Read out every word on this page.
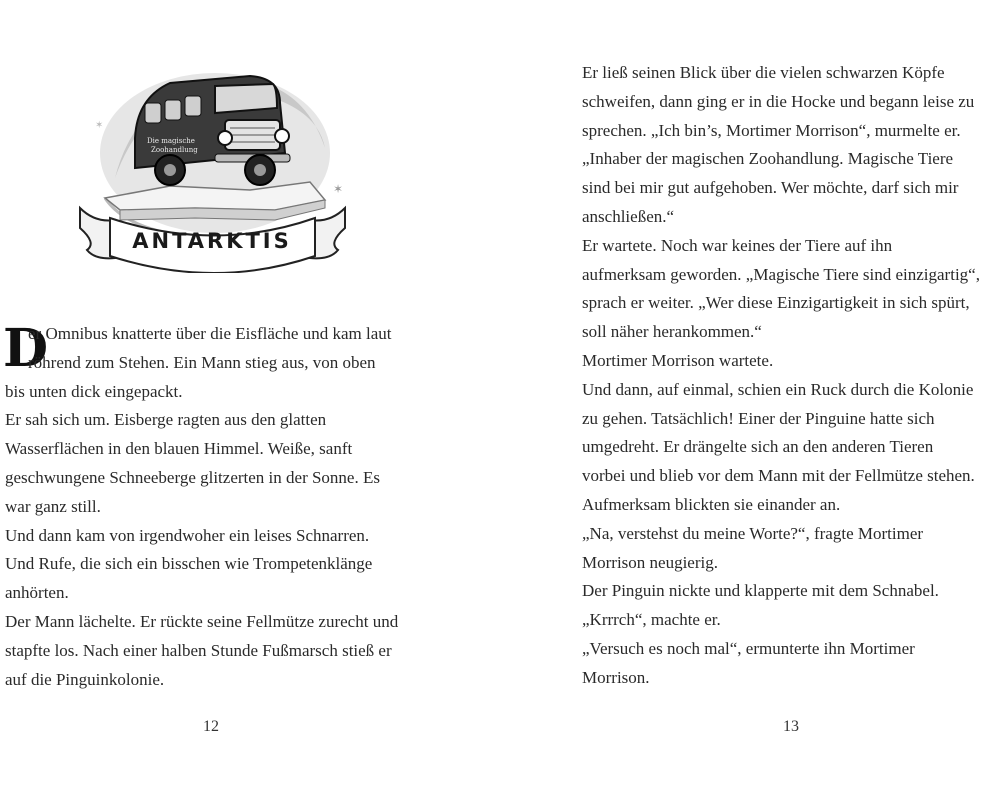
Die magische
Zoohandlung
✶
✶
ANTARKTIS
D
er Omnibus knatterte über die Eisfläche und kam laut
röhrend zum Stehen. Ein Mann stieg aus, von oben
bis unten dick eingepackt.
Er sah sich um. Eisberge ragten aus den glatten
Wasserflächen in den blauen Himmel. Weiße, sanft
geschwungene Schneeberge glitzerten in der Sonne. Es
war ganz still.
Und dann kam von irgendwoher ein leises Schnarren.
Und Rufe, die sich ein bisschen wie Trompetenklänge
anhörten.
Der Mann lächelte. Er rückte seine Fellmütze zurecht und
stapfte los. Nach einer halben Stunde Fußmarsch stieß er
auf die Pinguinkolonie.
12
Er ließ seinen Blick über die vielen schwarzen Köpfe
schweifen, dann ging er in die Hocke und begann leise zu
sprechen. „Ich bin’s, Mortimer Morrison“, murmelte er.
„Inhaber der magischen Zoohandlung. Magische Tiere
sind bei mir gut aufgehoben. Wer möchte, darf sich mir
anschließen.“
Er wartete. Noch war keines der Tiere auf ihn
aufmerksam geworden. „Magische Tiere sind einzigartig“,
sprach er weiter. „Wer diese Einzigartigkeit in sich spürt,
soll näher herankommen.“
Mortimer Morrison wartete.
Und dann, auf einmal, schien ein Ruck durch die Kolonie
zu gehen. Tatsächlich! Einer der Pinguine hatte sich
umgedreht. Er drängelte sich an den anderen Tieren
vorbei und blieb vor dem Mann mit der Fellmütze stehen.
Aufmerksam blickten sie einander an.
„Na, verstehst du meine Worte?“, fragte Mortimer
Morrison neugierig.
Der Pinguin nickte und klapperte mit dem Schnabel.
„Krrrch“, machte er.
„Versuch es noch mal“, ermunterte ihn Mortimer
Morrison.
13
